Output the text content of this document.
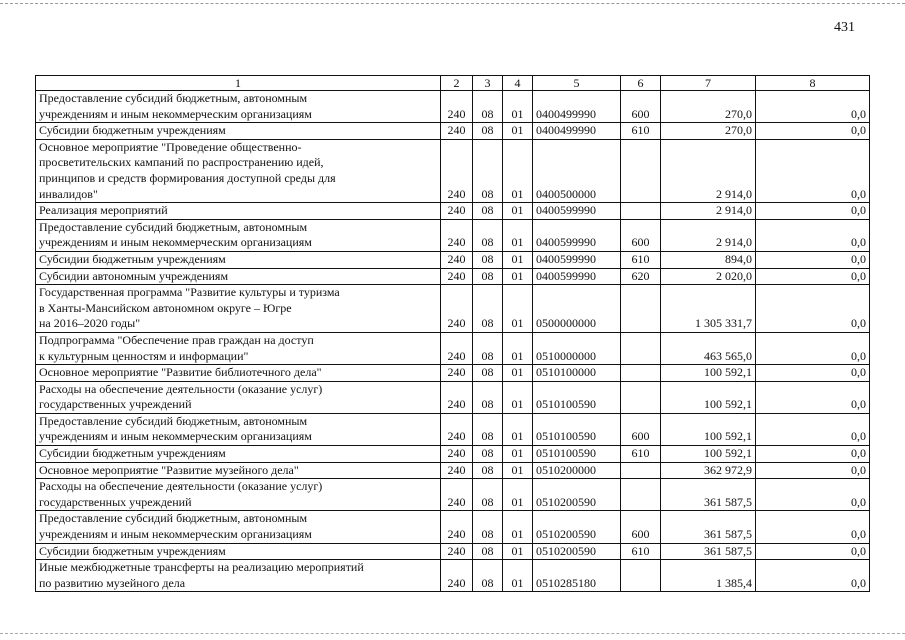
431
1	2	3	4	5	6	7	8
Предоставление субсидий бюджетным, автономным
учреждениям и иным некоммерческим организациям	240	08	01	0400499990	600	270,0	0,0
Субсидии бюджетным учреждениям	240	08	01	0400499990	610	270,0	0,0
Основное мероприятие "Проведение общественно-
просветительских кампаний по распространению идей,
принципов и средств формирования доступной среды для
инвалидов"	240	08	01	0400500000		2 914,0	0,0
Реализация мероприятий	240	08	01	0400599990		2 914,0	0,0
Предоставление субсидий бюджетным, автономным
учреждениям и иным некоммерческим организациям	240	08	01	0400599990	600	2 914,0	0,0
Субсидии бюджетным учреждениям	240	08	01	0400599990	610	894,0	0,0
Субсидии автономным учреждениям	240	08	01	0400599990	620	2 020,0	0,0
Государственная программа "Развитие культуры и туризма
в Ханты-Мансийском автономном округе – Югре
на 2016–2020 годы"	240	08	01	0500000000		1 305 331,7	0,0
Подпрограмма "Обеспечение прав граждан на доступ
к культурным ценностям и информации"	240	08	01	0510000000		463 565,0	0,0
Основное мероприятие "Развитие библиотечного дела"	240	08	01	0510100000		100 592,1	0,0
Расходы на обеспечение деятельности (оказание услуг)
государственных учреждений	240	08	01	0510100590		100 592,1	0,0
Предоставление субсидий бюджетным, автономным
учреждениям и иным некоммерческим организациям	240	08	01	0510100590	600	100 592,1	0,0
Субсидии бюджетным учреждениям	240	08	01	0510100590	610	100 592,1	0,0
Основное мероприятие "Развитие музейного дела"	240	08	01	0510200000		362 972,9	0,0
Расходы на обеспечение деятельности (оказание услуг)
государственных учреждений	240	08	01	0510200590		361 587,5	0,0
Предоставление субсидий бюджетным, автономным
учреждениям и иным некоммерческим организациям	240	08	01	0510200590	600	361 587,5	0,0
Субсидии бюджетным учреждениям	240	08	01	0510200590	610	361 587,5	0,0
Иные межбюджетные трансферты на реализацию мероприятий
по развитию музейного дела	240	08	01	0510285180		1 385,4	0,0
